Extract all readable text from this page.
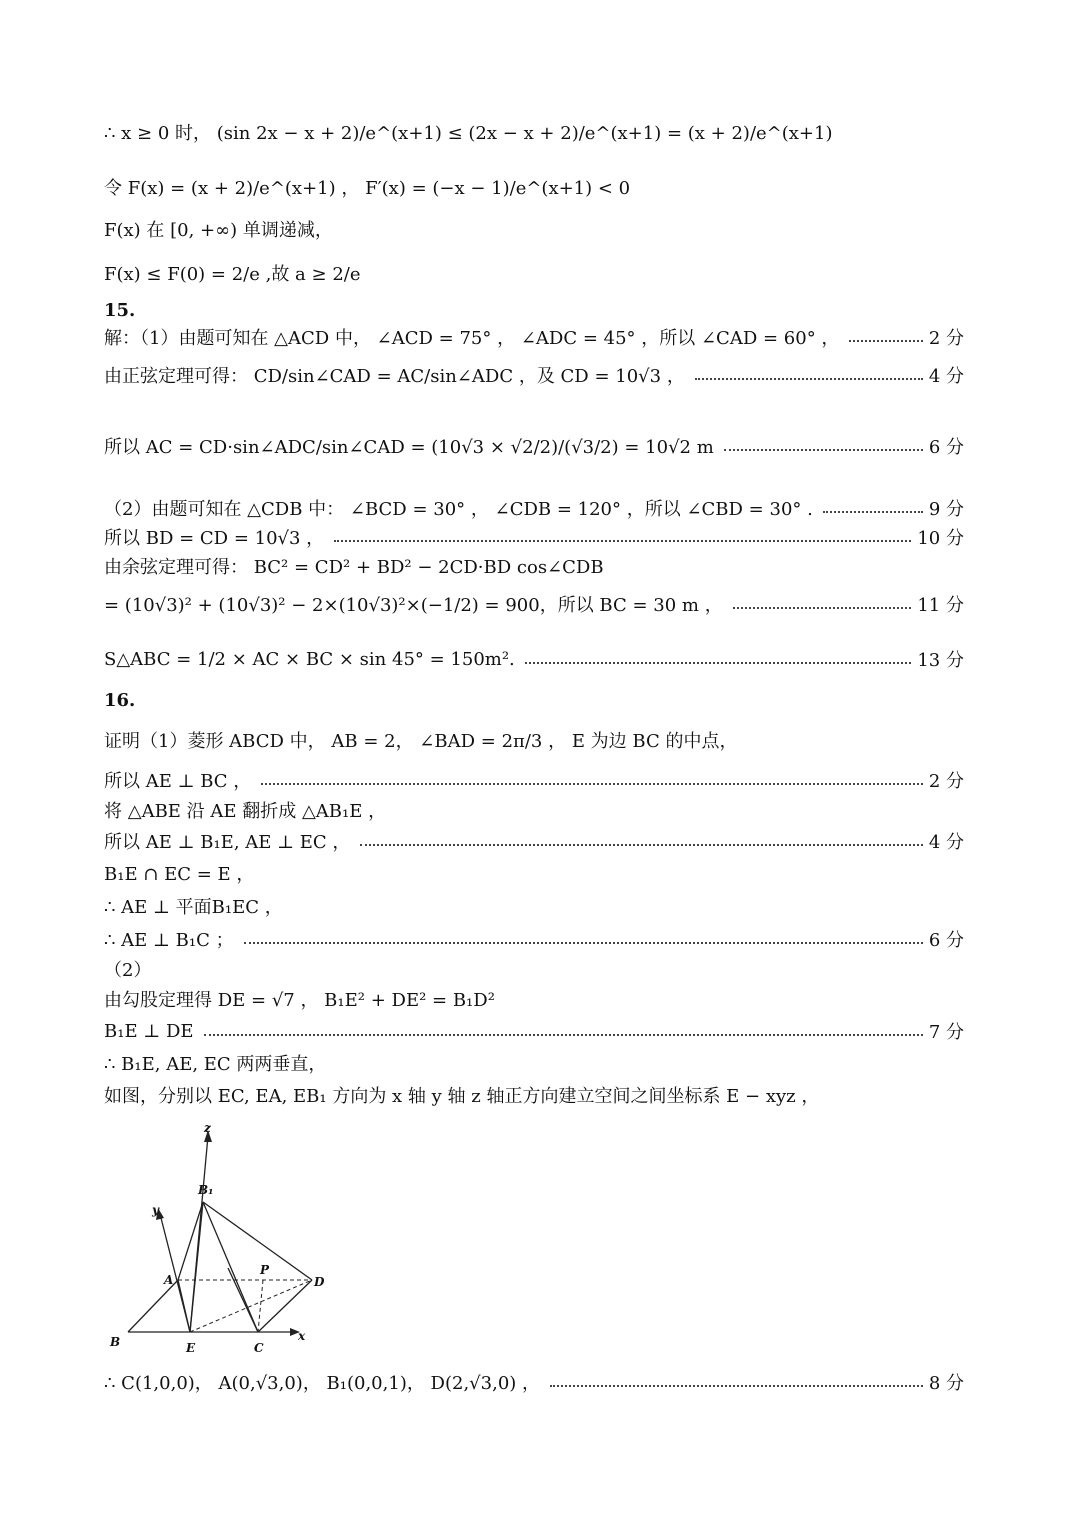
∴ x ≥ 0 时， (sin 2x − x + 2)/e^(x+1) ≤ (2x − x + 2)/e^(x+1) = (x + 2)/e^(x+1)
令 F(x) = (x + 2)/e^(x+1) ， F′(x) = (−x − 1)/e^(x+1) < 0
F(x) 在 [0, +∞) 单调递减，
F(x) ≤ F(0) = 2/e ,故 a ≥ 2/e
15.
解：（1）由题可知在 △ACD 中， ∠ACD = 75° ， ∠ADC = 45° ，所以 ∠CAD = 60° ，	2 分
由正弦定理可得： CD/sin∠CAD = AC/sin∠ADC ，及 CD = 10√3 ，	4 分
所以 AC = CD·sin∠ADC/sin∠CAD = (10√3 × √2/2)/(√3/2) = 10√2 m	6 分
（2）由题可知在 △CDB 中： ∠BCD = 30° ， ∠CDB = 120° ，所以 ∠CBD = 30° .	9 分
所以 BD = CD = 10√3 ，	10 分
由余弦定理可得： BC² = CD² + BD² − 2CD·BD cos∠CDB
= (10√3)² + (10√3)² − 2×(10√3)²×(−1/2) = 900，所以 BC = 30 m ，	11 分
S△ABC = 1/2 × AC × BC × sin 45° = 150m².	13 分
16.
证明（1）菱形 ABCD 中， AB = 2， ∠BAD = 2π/3 ， E 为边 BC 的中点，
所以 AE ⊥ BC ，	2 分
将 △ABE 沿 AE 翻折成 △AB₁E ，
所以 AE ⊥ B₁E, AE ⊥ EC ，	4 分
B₁E ∩ EC = E ，
∴ AE ⊥ 平面B₁EC ，
∴ AE ⊥ B₁C ；	6 分
（2）
由勾股定理得 DE = √7 ， B₁E² + DE² = B₁D²
B₁E ⊥ DE	7 分
∴ B₁E, AE, EC 两两垂直，
如图，分别以 EC, EA, EB₁ 方向为 x 轴 y 轴 z 轴正方向建立空间之间坐标系 E − xyz ，
z
B₁
y
A
P
D
B	E	C
x
∴ C(1,0,0)， A(0,√3,0)， B₁(0,0,1)， D(2,√3,0) ，	8 分
